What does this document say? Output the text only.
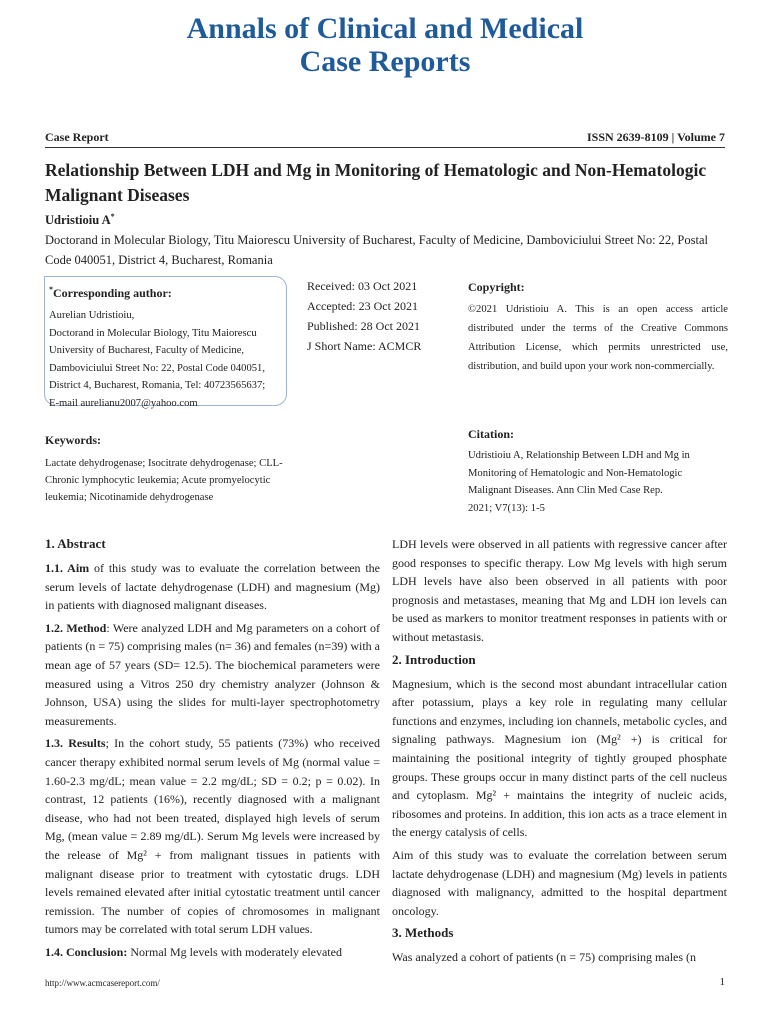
Annals of Clinical and Medical
Case Reports
Case Report	ISSN 2639-8109 | Volume 7
Relationship Between LDH and Mg in Monitoring of Hematologic and Non-Hematologic Malignant Diseases
Udristioiu A*
Doctorand in Molecular Biology, Titu Maiorescu University of Bucharest, Faculty of Medicine, Damboviciului Street No: 22, Postal Code 040051, District 4, Bucharest, Romania
*Corresponding author:
Aurelian Udristioiu,
Doctorand in Molecular Biology, Titu Maiorescu
University of Bucharest, Faculty of Medicine,
Damboviciului Street No: 22, Postal Code 040051,
District 4, Bucharest, Romania, Tel: 40723565637;
E-mail aurelianu2007@yahoo.com
Received: 03 Oct 2021
Accepted: 23 Oct 2021
Published: 28 Oct 2021
J Short Name: ACMCR
Copyright:
©2021 Udristioiu A. This is an open access article distributed under the terms of the Creative Commons Attribution License, which permits unrestricted use, distribution, and build upon your work non-commercially.
Keywords:
Lactate dehydrogenase; Isocitrate dehydrogenase; CLL-Chronic lymphocytic leukemia; Acute promyelocytic leukemia; Nicotinamide dehydrogenase
Citation:
Udristioiu A, Relationship Between LDH and Mg in
Monitoring of Hematologic and Non-Hematologic
Malignant Diseases. Ann Clin Med Case Rep.
2021; V7(13): 1-5
1. Abstract

1.1. Aim of this study was to evaluate the correlation between the serum levels of lactate dehydrogenase (LDH) and magnesium (Mg) in patients with diagnosed malignant diseases.

1.2. Method: Were analyzed LDH and Mg parameters on a cohort of patients (n = 75) comprising males (n= 36) and females (n=39) with a mean age of 57 years (SD= 12.5). The biochemical parameters were measured using a Vitros 250 dry chemistry analyzer (Johnson & Johnson, USA) using the slides for multi-layer spectrophotometry measurements.

1.3. Results; In the cohort study, 55 patients (73%) who received cancer therapy exhibited normal serum levels of Mg (normal value = 1.60-2.3 mg/dL; mean value = 2.2 mg/dL; SD = 0.2; p = 0.02). In contrast, 12 patients (16%), recently diagnosed with a malignant disease, who had not been treated, displayed high levels of serum Mg, (mean value = 2.89 mg/dL). Serum Mg levels were increased by the release of Mg² + from malignant tissues in patients with malignant disease prior to treatment with cytostatic drugs. LDH levels remained elevated after initial cytostatic treatment until cancer remission. The number of copies of chromosomes in malignant tumors may be correlated with total serum LDH values.

1.4. Conclusion: Normal Mg levels with moderately elevated

LDH levels were observed in all patients with regressive cancer after good responses to specific therapy. Low Mg levels with high serum LDH levels have also been observed in all patients with poor prognosis and metastases, meaning that Mg and LDH ion levels can be used as markers to monitor treatment responses in patients with or without metastasis.

2. Introduction

Magnesium, which is the second most abundant intracellular cation after potassium, plays a key role in regulating many cellular functions and enzymes, including ion channels, metabolic cycles, and signaling pathways. Magnesium ion (Mg² +) is critical for maintaining the positional integrity of tightly grouped phosphate groups. These groups occur in many distinct parts of the cell nucleus and cytoplasm. Mg² + maintains the integrity of nucleic acids, ribosomes and proteins. In addition, this ion acts as a trace element in the energy catalysis of cells.

Aim of this study was to evaluate the correlation between serum lactate dehydrogenase (LDH) and magnesium (Mg) levels in patients diagnosed with malignancy, admitted to the hospital department oncology.

3. Methods

Was analyzed a cohort of patients (n = 75) comprising males (n

http://www.acmcasereport.com/	1
